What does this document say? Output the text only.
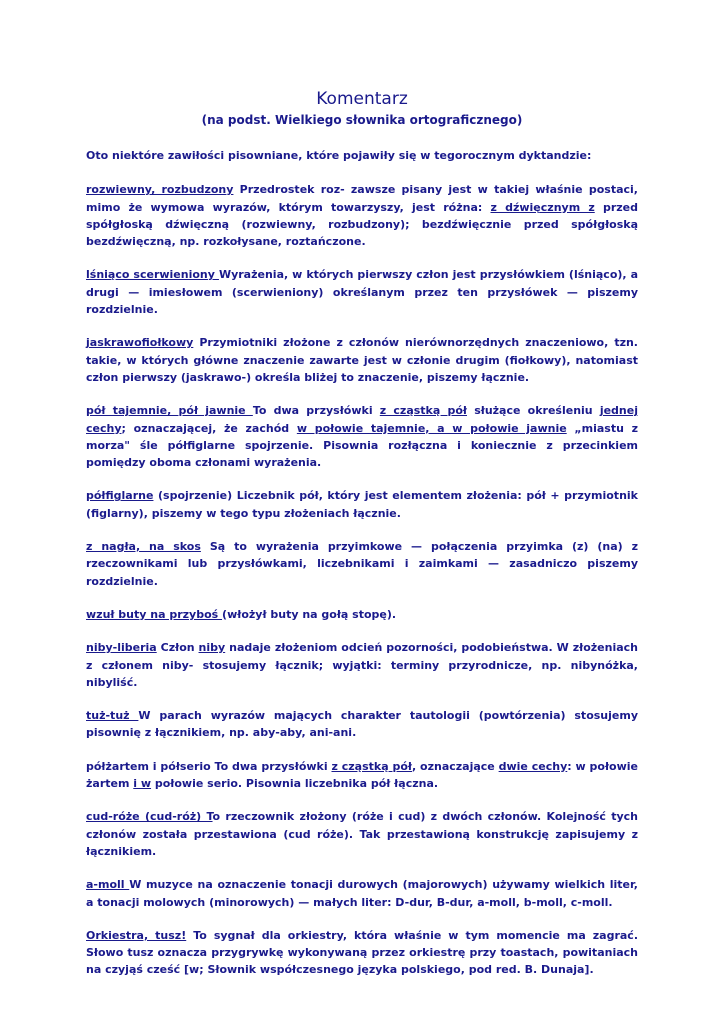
Komentarz
(na podst. Wielkiego słownika ortograficznego)

Oto niektóre zawiłości pisowniane, które pojawiły się w tegorocznym dyktandzie:

rozwiewny, rozbudzony Przedrostek roz- zawsze pisany jest w takiej właśnie postaci, mimo że wymowa wyrazów, którym towarzyszy, jest różna: z dźwięcznym z przed spółgłoską dźwięczną (rozwiewny, rozbudzony); bezdźwięcznie przed spółgłoską bezdźwięczną, np. rozkołysane, roztańczone.

lśniąco scerwieniony Wyrażenia, w których pierwszy człon jest przysłówkiem (lśniąco), a drugi — imiesłowem (scerwieniony) określanym przez ten przysłówek — piszemy rozdzielnie.

jaskrawofiołkowy Przymiotniki złożone z członów nierównorzędnych znaczeniowo, tzn. takie, w których główne znaczenie zawarte jest w członie drugim (fiołkowy), natomiast człon pierwszy (jaskrawo-) określa bliżej to znaczenie, piszemy łącznie.

pół tajemnie, pół jawnie To dwa przysłówki z cząstką pół służące określeniu jednej cechy; oznaczającej, że zachód w połowie tajemnie, a w połowie jawnie „miastu z morza" śle półfiglarne spojrzenie. Pisownia rozłączna i koniecznie z przecinkiem pomiędzy oboma członami wyrażenia.

półfiglarne (spojrzenie) Liczebnik pół, który jest elementem złożenia: pół + przymiotnik (figlarny), piszemy w tego typu złożeniach łącznie.

z nagła, na skos Są to wyrażenia przyimkowe — połączenia przyimka (z) (na) z rzeczownikami lub przysłówkami, liczebnikami i zaimkami — zasadniczo piszemy rozdzielnie.

wzuł buty na przyboś (włożył buty na gołą stopę).

niby-liberia Człon niby nadaje złożeniom odcień pozorności, podobieństwa. W złożeniach z członem niby- stosujemy łącznik; wyjątki: terminy przyrodnicze, np. nibynóżka, nibyliść.

tuż-tuż W parach wyrazów mających charakter tautologii (powtórzenia) stosujemy pisownię z łącznikiem, np. aby-aby, ani-ani.

półżartem i półserio To dwa przysłówki z cząstką pół, oznaczające dwie cechy: w połowie żartem i w połowie serio. Pisownia liczebnika pół łączna.

cud-róże (cud-róż) To rzeczownik złożony (róże i cud) z dwóch członów. Kolejność tych członów została przestawiona (cud róże). Tak przestawioną konstrukcję zapisujemy z łącznikiem.

a-moll W muzyce na oznaczenie tonacji durowych (majorowych) używamy wielkich liter, a tonacji molowych (minorowych) — małych liter: D-dur, B-dur, a-moll, b-moll, c-moll.

Orkiestra, tusz! To sygnał dla orkiestry, która właśnie w tym momencie ma zagrać. Słowo tusz oznacza przygrywkę wykonywaną przez orkiestrę przy toastach, powitaniach na czyjąś cześć [w; Słownik współczesnego języka polskiego, pod red. B. Dunaja].
